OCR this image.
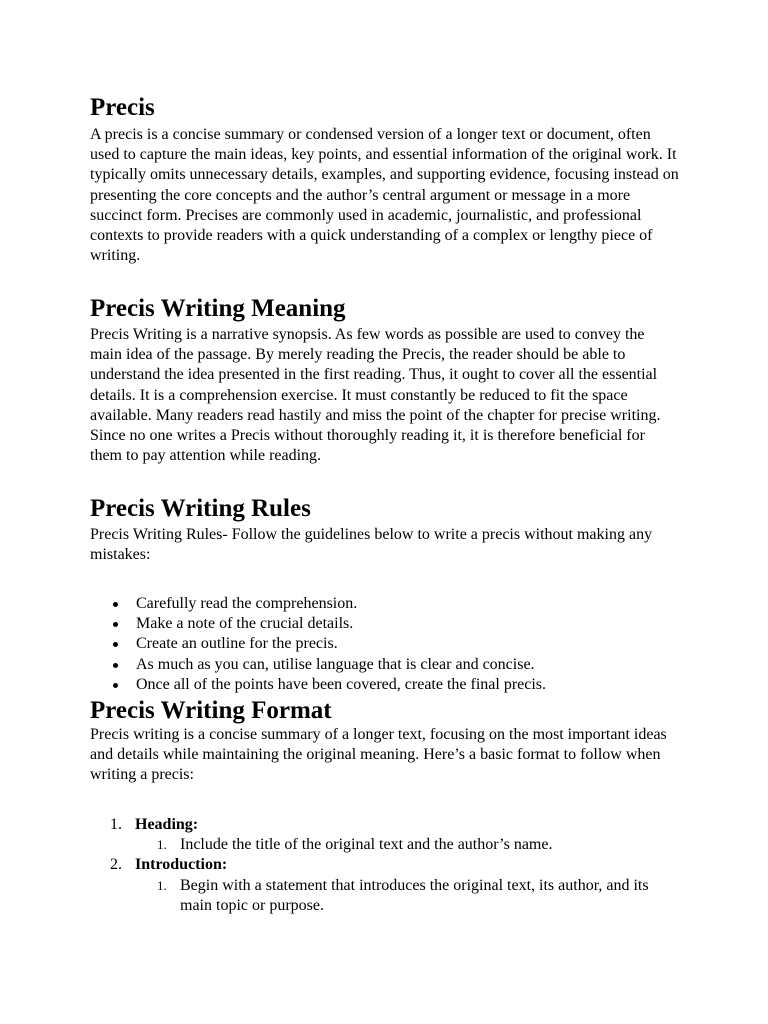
Precis

A precis is a concise summary or condensed version of a longer text or document, often used to capture the main ideas, key points, and essential information of the original work. It typically omits unnecessary details, examples, and supporting evidence, focusing instead on presenting the core concepts and the author’s central argument or message in a more succinct form. Precises are commonly used in academic, journalistic, and professional contexts to provide readers with a quick understanding of a complex or lengthy piece of writing.

Precis Writing Meaning

Precis Writing is a narrative synopsis. As few words as possible are used to convey the main idea of the passage. By merely reading the Precis, the reader should be able to understand the idea presented in the first reading. Thus, it ought to cover all the essential details. It is a comprehension exercise. It must constantly be reduced to fit the space available. Many readers read hastily and miss the point of the chapter for precise writing. Since no one writes a Precis without thoroughly reading it, it is therefore beneficial for them to pay attention while reading.

Precis Writing Rules

Precis Writing Rules- Follow the guidelines below to write a precis without making any mistakes:

Carefully read the comprehension.
Make a note of the crucial details.
Create an outline for the precis.
As much as you can, utilise language that is clear and concise.
Once all of the points have been covered, create the final precis.
Precis Writing Format

Precis writing is a concise summary of a longer text, focusing on the most important ideas and details while maintaining the original meaning. Here’s a basic format to follow when writing a precis:

1. Heading:
1. Include the title of the original text and the author’s name.
2. Introduction:
1. Begin with a statement that introduces the original text, its author, and its main topic or purpose.
